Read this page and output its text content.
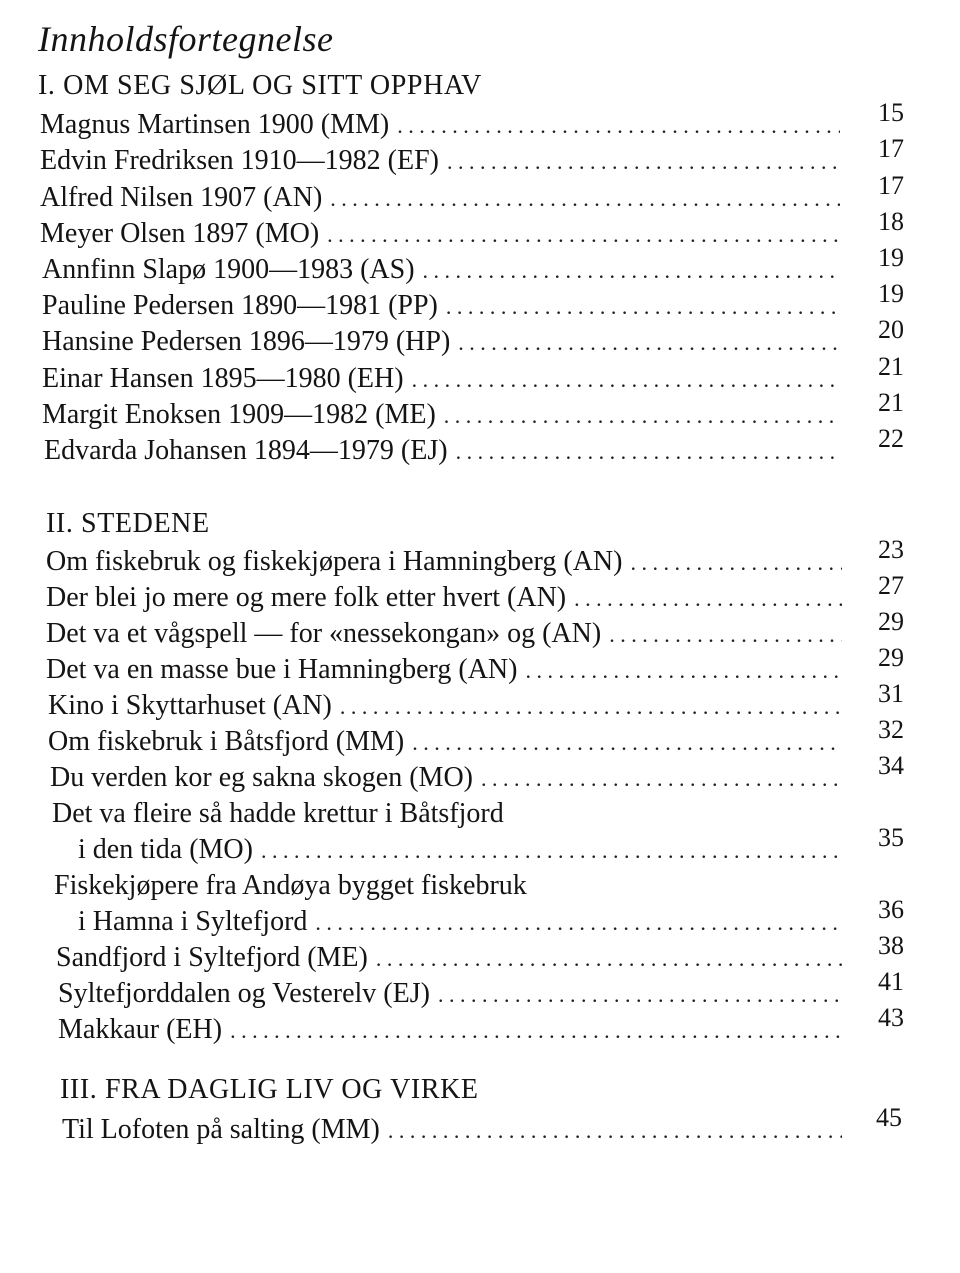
Innholdsfortegnelse
I. OM SEG SJØL OG SITT OPPHAV
Magnus Martinsen 1900 (MM) . . .	15
Edvin Fredriksen 1910—1982 (EF) . . .	17
Alfred Nilsen 1907 (AN) . . .	17
Meyer Olsen 1897 (MO) . . .	18
Annfinn Slapø 1900—1983 (AS) . . .	19
Pauline Pedersen 1890—1981 (PP) . . .	19
Hansine Pedersen 1896—1979 (HP) . . .	20
Einar Hansen 1895—1980 (EH) . . .	21
Margit Enoksen 1909—1982 (ME) . . .	21
Edvarda Johansen 1894—1979 (EJ) . . .	22
II. STEDENE
Om fiskebruk og fiskekjøpera i Hamningberg (AN) . . .	23
Der blei jo mere og mere folk etter hvert (AN) . . .	27
Det va et vågspell — for «nessekongan» og (AN) . . .	29
Det va en masse bue i Hamningberg (AN) . . .	29
Kino i Skyttarhuset (AN) . . .	31
Om fiskebruk i Båtsfjord (MM) . . .	32
Du verden kor eg sakna skogen (MO) . . .	34
Det va fleire så hadde krettur i Båtsfjord
i den tida (MO) . . .	35
Fiskekjøpere fra Andøya bygget fiskebruk
i Hamna i Syltefjord . . .	36
Sandfjord i Syltefjord (ME) . . .	38
Syltefjorddalen og Vesterelv (EJ) . . .	41
Makkaur (EH) . . .	43
III. FRA DAGLIG LIV OG VIRKE
Til Lofoten på salting (MM) . . .	45
